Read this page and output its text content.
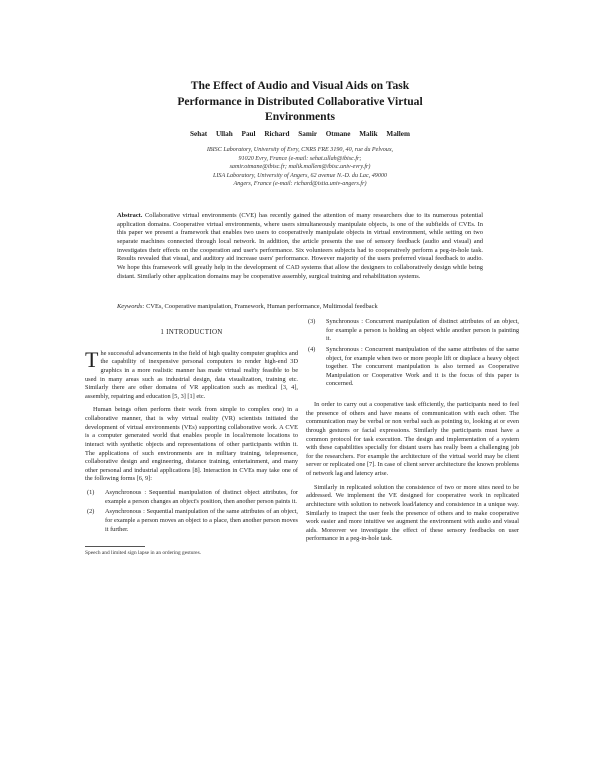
The Effect of Audio and Visual Aids on Task
Performance in Distributed Collaborative Virtual
Environments
Sehat Ullah Paul Richard Samir Otmane Malik Mallem
IBISC Laboratory, University of Evry, CNRS FRE 3190, 40, rue du Pelvoux,
91020 Evry, France (e-mail: sehat.ullah@ibisc.fr;
samir.otmane@ibisc.fr; malik.mallem@ibisc.univ-evry.fr)
LISA Laboratory, University of Angers, 62 avenue N.-D. du Lac, 49000
Angers, France (e-mail: richard@istia.univ-angers.fr)
Abstract. Collaborative virtual environments (CVE) has recently gained the attention of many researchers due to its numerous potential application domains. Cooperative virtual environments, where users simultaneously manipulate objects, is one of the subfields of CVEs. In this paper we present a framework that enables two users to cooperatively manipulate objects in virtual environment, while setting on two separate machines connected through local network. In addition, the article presents the use of sensory feedback (audio and visual) and investigates their effects on the cooperation and user's performance. Six volunteers subjects had to cooperatively perform a peg-in-hole task. Results revealed that visual, and auditory aid increase users' performance. However majority of the users preferred visual feedback to audio. We hope this framework will greatly help in the development of CAD systems that allow the designers to collaboratively design while being distant. Similarly other application domains may be cooperative assembly, surgical training and rehabilitation systems.
Keywords: CVEs, Cooperative manipulation, Framework, Human performance, Multimodal feedback
1 INTRODUCTION

The successful advancements in the field of high quality computer graphics and the capability of inexpensive personal computers to render high-end 3D graphics in a more realistic manner has made virtual reality feasible to be used in many areas such as industrial design, data visualization, training etc. Similarly there are other domains of VR application such as medical [3, 4], assembly, repairing and education [5, 3] [1] etc.

Human beings often perform their work from simple to complex one) in a collaborative manner, that is why virtual reality (VR) scientists initiated the development of virtual environments (VEs) supporting collaborative work. A CVE is a computer generated world that enables people in local/remote locations to interact with synthetic objects and representations of other participants within it. The applications of such environments are in military training, telepresence, collaborative design and engineering, distance training, entertainment, and many other personal and industrial applications [8]. Interaction in CVEs may take one of the following forms [6, 9]:

(1) Asynchronous : Sequential manipulation of distinct object attributes, for example a person changes an object's position, then another person paints it.
(2) Asynchronous : Sequential manipulation of the same attributes of an object, for example a person moves an object to a place, then another person moves it further.
Speech and limited sign lapse in an ordering gestures.
(3) Synchronous : Concurrent manipulation of distinct attributes of an object, for example a person is holding an object while another person is painting it.
(4) Synchronous : Concurrent manipulation of the same attributes of the same object, for example when two or more people lift or displace a heavy object together. The concurrent manipulation is also termed as Cooperative Manipulation or Cooperative Work and it is the focus of this paper is concerned.

In order to carry out a cooperative task efficiently, the participants need to feel the presence of others and have means of communication with each other. The communication may be verbal or non verbal such as pointing to, looking at or even through gestures or facial expressions. Similarly the participants must have a common protocol for task execution. The design and implementation of a system with these capabilities specially for distant users has really been a challenging job for the researchers. For example the architecture of the virtual world may be client server or replicated one [7]. In case of client server architecture the known problems of network lag and latency arise.

Similarly in replicated solution the consistence of two or more sites need to be addressed. We implement the VE designed for cooperative work in replicated architecture with solution to network load/latency and consistence in a unique way. Similarly to inspect the user feels the presence of others and to make cooperative work easier and more intuitive we augment the environment with audio and visual aids. Moreover we investigate the effect of these sensory feedbacks on user performance in a peg-in-hole task.
